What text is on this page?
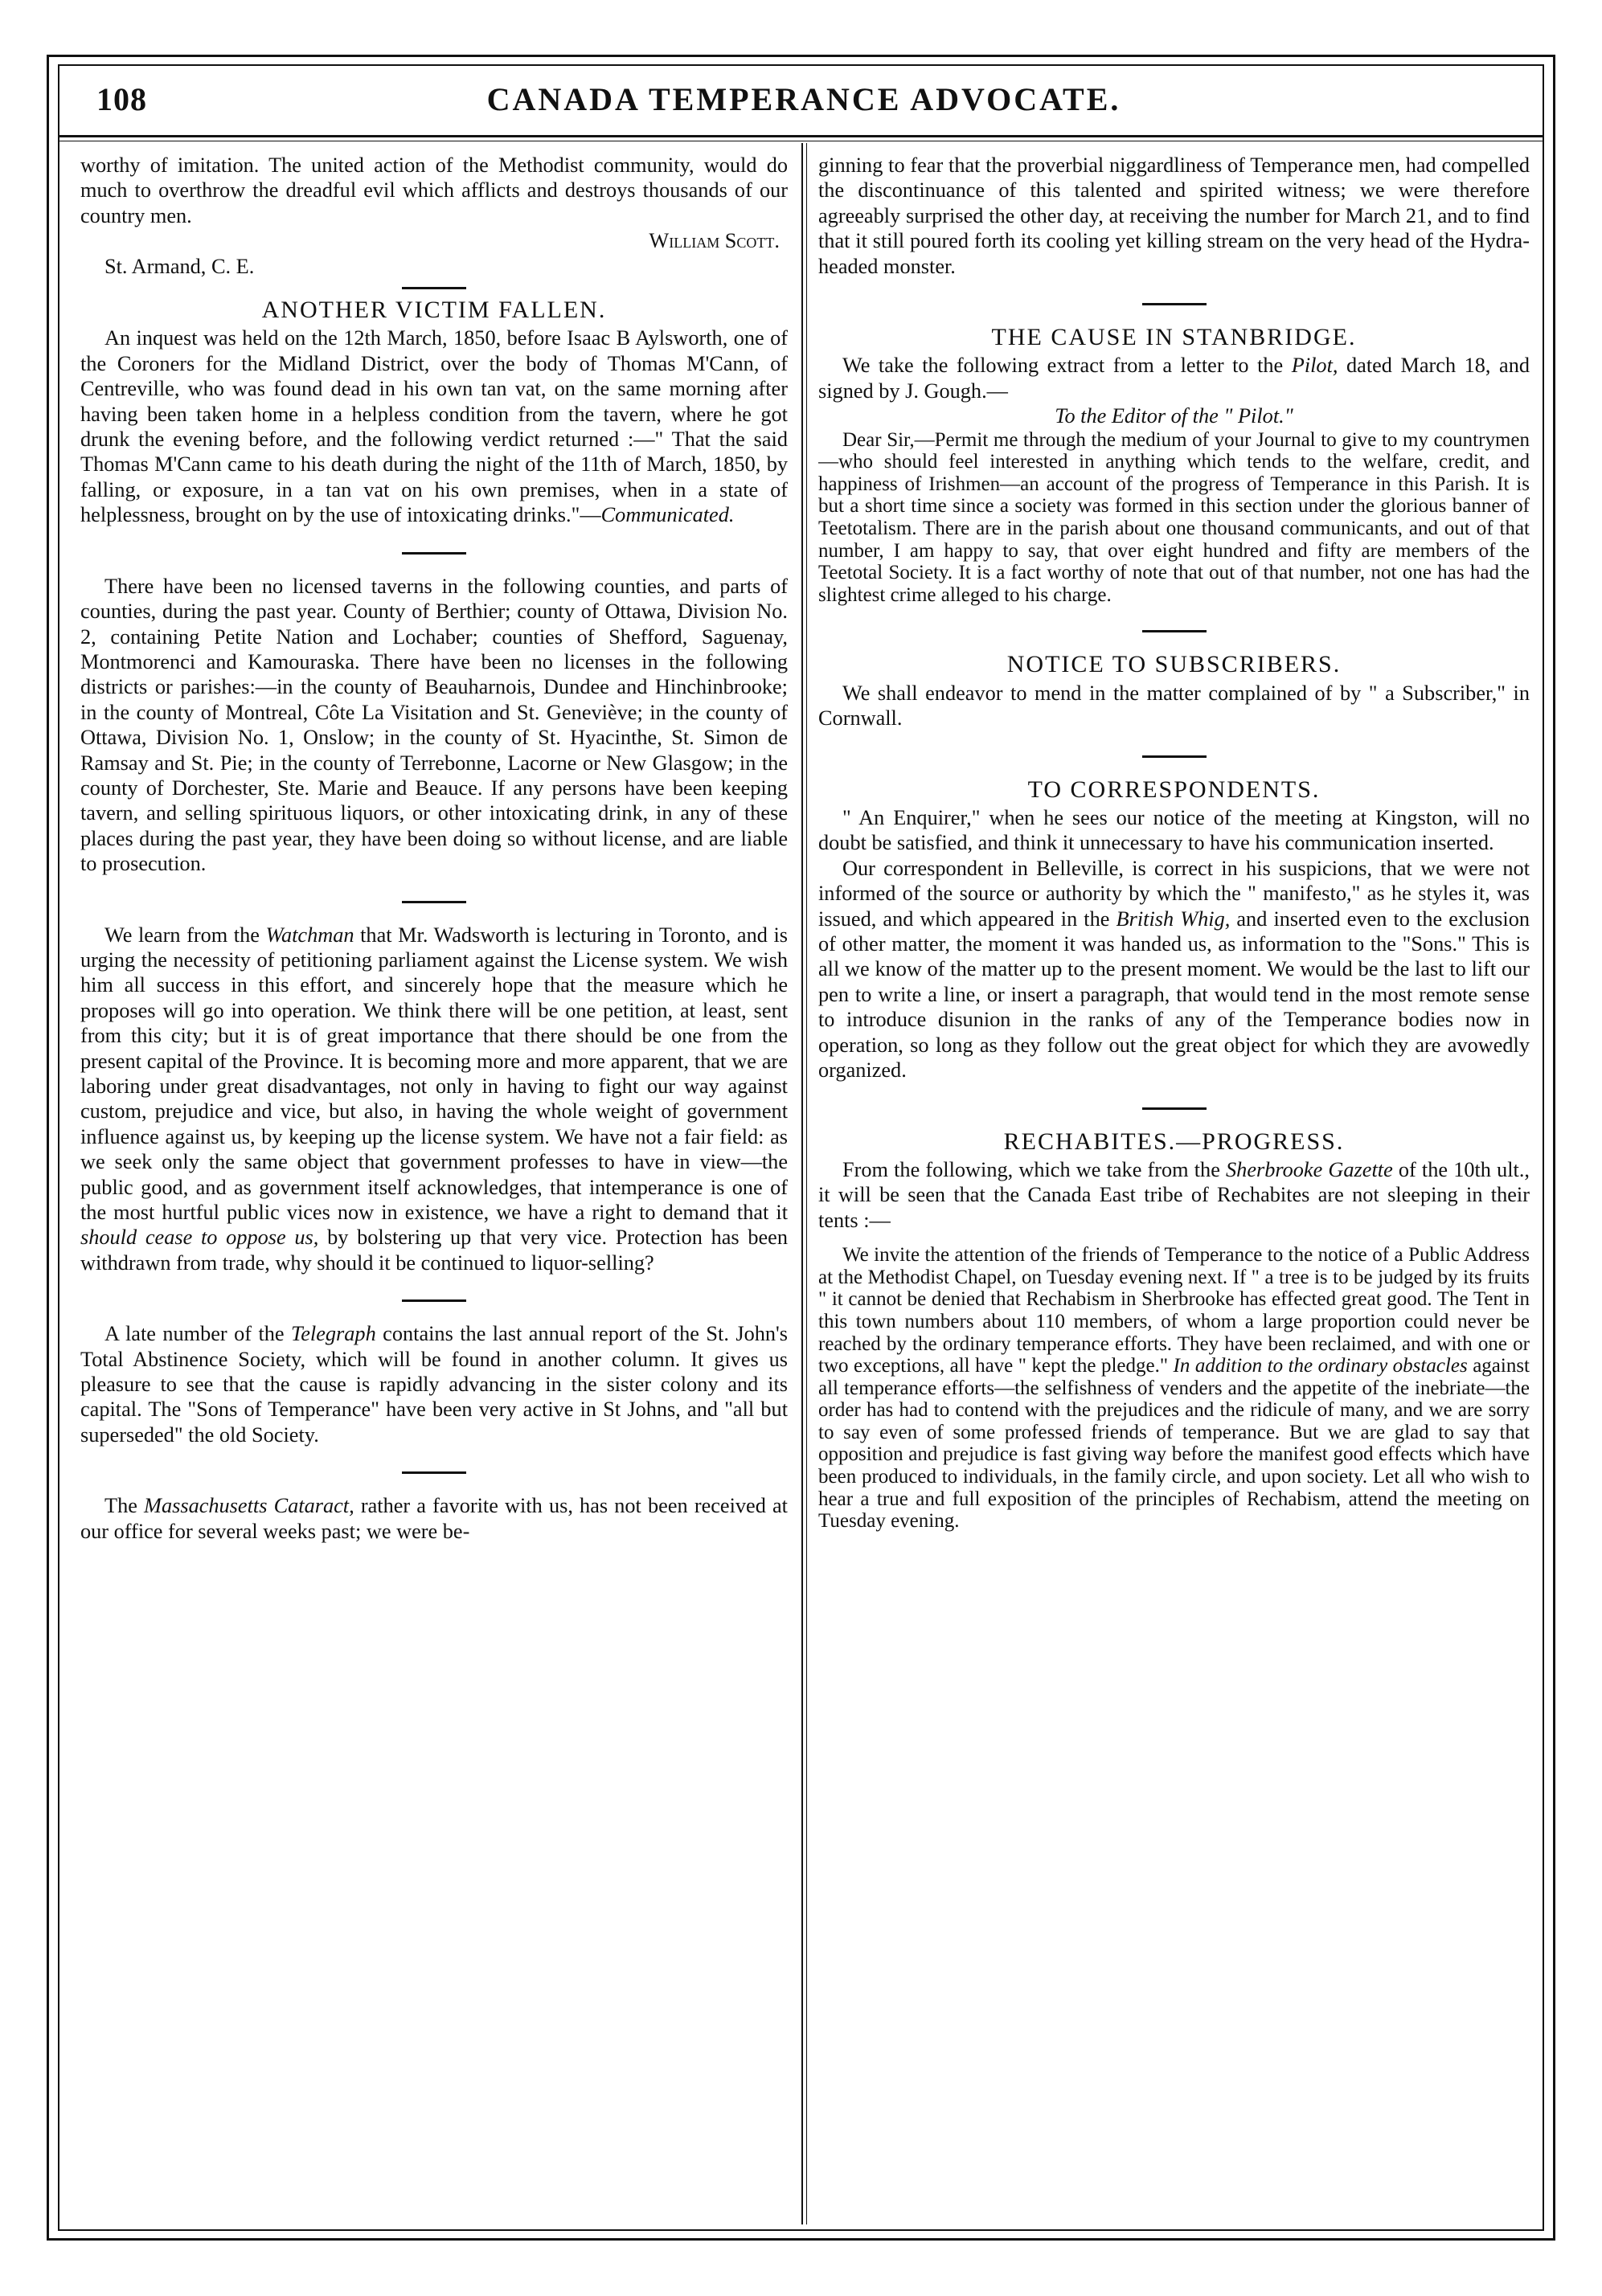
108	CANADA TEMPERANCE ADVOCATE.

worthy of imitation. The united action of the Methodist community, would do much to overthrow the dreadful evil which afflicts and destroys thousands of our country men.

William Scott.

St. Armand, C. E.

ANOTHER VICTIM FALLEN.

An inquest was held on the 12th March, 1850, before Isaac B Aylsworth, one of the Coroners for the Midland District, over the body of Thomas M'Cann, of Centreville, who was found dead in his own tan vat, on the same morning after having been taken home in a helpless condition from the tavern, where he got drunk the evening before, and the following verdict returned :—" That the said Thomas M'Cann came to his death during the night of the 11th of March, 1850, by falling, or exposure, in a tan vat on his own premises, when in a state of helplessness, brought on by the use of intoxicating drinks."—Communicated.

There have been no licensed taverns in the following counties, and parts of counties, during the past year. County of Berthier; county of Ottawa, Division No. 2, containing Petite Nation and Lochaber; counties of Shefford, Saguenay, Montmorenci and Kamouraska. There have been no licenses in the following districts or parishes:—in the county of Beauharnois, Dundee and Hinchinbrooke; in the county of Montreal, Côte La Visitation and St. Geneviève; in the county of Ottawa, Division No. 1, Onslow; in the county of St. Hyacinthe, St. Simon de Ramsay and St. Pie; in the county of Terrebonne, Lacorne or New Glasgow; in the county of Dorchester, Ste. Marie and Beauce. If any persons have been keeping tavern, and selling spirituous liquors, or other intoxicating drink, in any of these places during the past year, they have been doing so without license, and are liable to prosecution.

We learn from the Watchman that Mr. Wadsworth is lecturing in Toronto, and is urging the necessity of petitioning parliament against the License system. We wish him all success in this effort, and sincerely hope that the measure which he proposes will go into operation. We think there will be one petition, at least, sent from this city; but it is of great importance that there should be one from the present capital of the Province. It is becoming more and more apparent, that we are laboring under great disadvantages, not only in having to fight our way against custom, prejudice and vice, but also, in having the whole weight of government influence against us, by keeping up the license system. We have not a fair field: as we seek only the same object that government professes to have in view—the public good, and as government itself acknowledges, that intemperance is one of the most hurtful public vices now in existence, we have a right to demand that it should cease to oppose us, by bolstering up that very vice. Protection has been withdrawn from trade, why should it be continued to liquor-selling?

A late number of the Telegraph contains the last annual report of the St. John's Total Abstinence Society, which will be found in another column. It gives us pleasure to see that the cause is rapidly advancing in the sister colony and its capital. The "Sons of Temperance" have been very active in St Johns, and "all but superseded" the old Society.

The Massachusetts Cataract, rather a favorite with us, has not been received at our office for several weeks past; we were be-

ginning to fear that the proverbial niggardliness of Temperance men, had compelled the discontinuance of this talented and spirited witness; we were therefore agreeably surprised the other day, at receiving the number for March 21, and to find that it still poured forth its cooling yet killing stream on the very head of the Hydra-headed monster.

THE CAUSE IN STANBRIDGE.

We take the following extract from a letter to the Pilot, dated March 18, and signed by J. Gough.—

To the Editor of the " Pilot."

Dear Sir,—Permit me through the medium of your Journal to give to my countrymen—who should feel interested in anything which tends to the welfare, credit, and happiness of Irishmen—an account of the progress of Temperance in this Parish. It is but a short time since a society was formed in this section under the glorious banner of Teetotalism. There are in the parish about one thousand communicants, and out of that number, I am happy to say, that over eight hundred and fifty are members of the Teetotal Society. It is a fact worthy of note that out of that number, not one has had the slightest crime alleged to his charge.

NOTICE TO SUBSCRIBERS.

We shall endeavor to mend in the matter complained of by " a Subscriber," in Cornwall.

TO CORRESPONDENTS.

" An Enquirer," when he sees our notice of the meeting at Kingston, will no doubt be satisfied, and think it unnecessary to have his communication inserted.

Our correspondent in Belleville, is correct in his suspicions, that we were not informed of the source or authority by which the " manifesto," as he styles it, was issued, and which appeared in the British Whig, and inserted even to the exclusion of other matter, the moment it was handed us, as information to the "Sons." This is all we know of the matter up to the present moment. We would be the last to lift our pen to write a line, or insert a paragraph, that would tend in the most remote sense to introduce disunion in the ranks of any of the Temperance bodies now in operation, so long as they follow out the great object for which they are avowedly organized.

RECHABITES.—PROGRESS.

From the following, which we take from the Sherbrooke Gazette of the 10th ult., it will be seen that the Canada East tribe of Rechabites are not sleeping in their tents :—

We invite the attention of the friends of Temperance to the notice of a Public Address at the Methodist Chapel, on Tuesday evening next. If " a tree is to be judged by its fruits " it cannot be denied that Rechabism in Sherbrooke has effected great good. The Tent in this town numbers about 110 members, of whom a large proportion could never be reached by the ordinary temperance efforts. They have been reclaimed, and with one or two exceptions, all have " kept the pledge." In addition to the ordinary obstacles against all temperance efforts—the selfishness of venders and the appetite of the inebriate—the order has had to contend with the prejudices and the ridicule of many, and we are sorry to say even of some professed friends of temperance. But we are glad to say that opposition and prejudice is fast giving way before the manifest good effects which have been produced to individuals, in the family circle, and upon society. Let all who wish to hear a true and full exposition of the principles of Rechabism, attend the meeting on Tuesday evening.
